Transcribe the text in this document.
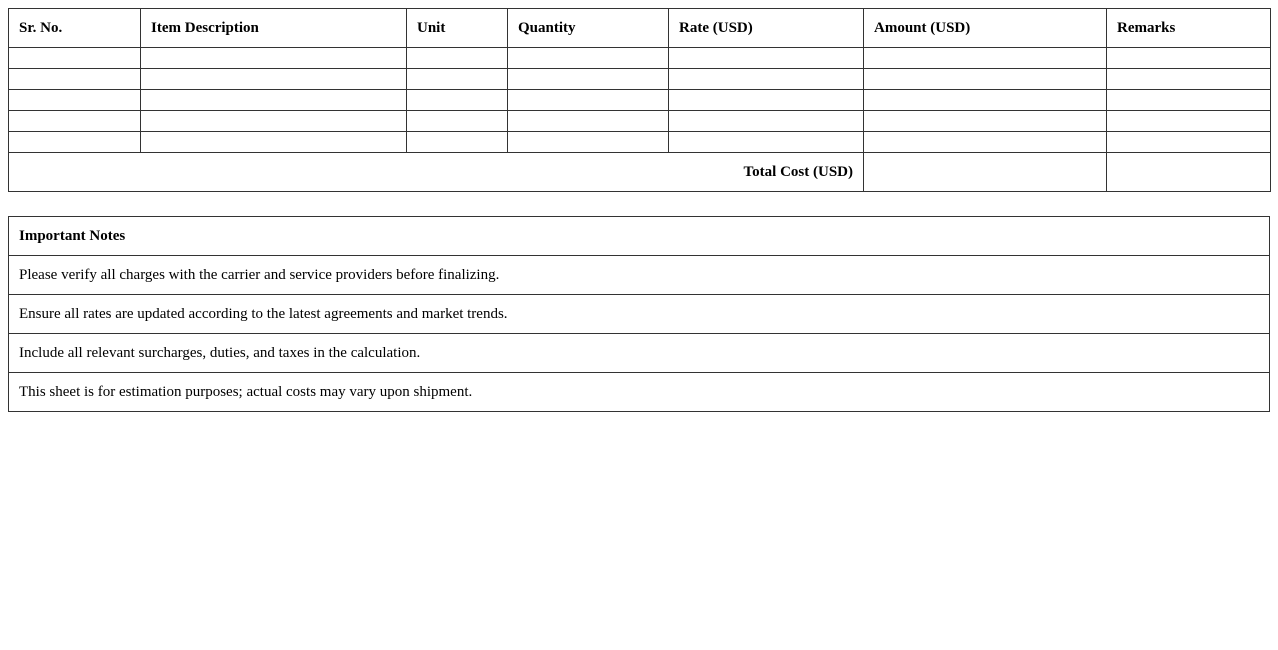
Sr. No.	Item Description	Unit	Quantity	Rate (USD)	Amount (USD)	Remarks

Total Cost (USD)						
Important Notes
Please verify all charges with the carrier and service providers before finalizing.
Ensure all rates are updated according to the latest agreements and market trends.
Include all relevant surcharges, duties, and taxes in the calculation.
This sheet is for estimation purposes; actual costs may vary upon shipment.
